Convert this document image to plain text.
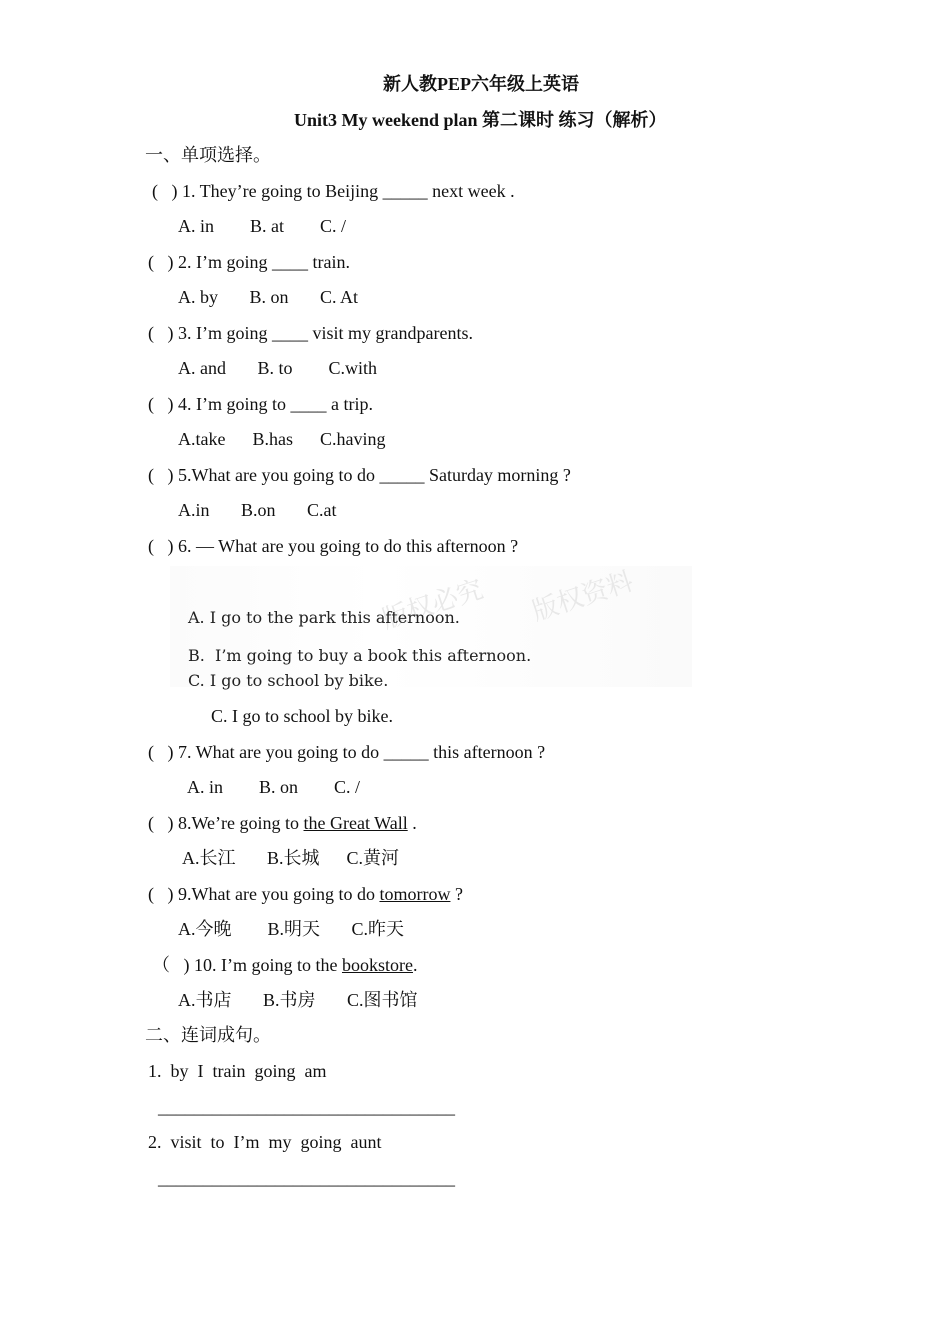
新人教PEP六年级上英语
Unit3 My weekend plan 第二课时 练习（解析）
一、单项选择。
(   ) 1. They’re going to Beijing _____ next week .
A. in        B. at        C. /
(   ) 2. I’m going ____ train.
A. by       B. on       C. At
(   ) 3. I’m going ____ visit my grandparents.
A. and       B. to        C.with
(   ) 4. I’m going to ____ a trip.
A.take      B.has      C.having
(   ) 5.What are you going to do _____ Saturday morning ?
A.in       B.on       C.at
(   ) 6. — What are you going to do this afternoon ?
版权必究 版权资料
A. I go to the park this afternoon.
B.  I’m going to buy a book this afternoon.
C. I go to school by bike.
C. I go to school by bike.
(   ) 7. What are you going to do _____ this afternoon ?
A. in        B. on        C. /
(   ) 8.We’re going to the Great Wall .
A.长江       B.长城      C.黄河
(   ) 9.What are you going to do tomorrow ?
A.今晚        B.明天       C.昨天
（   ) 10. I’m going to the bookstore.
A.书店       B.书房       C.图书馆
二、连词成句。
1.  by  I  train  going  am
_________________________________
2.  visit  to  I’m  my  going  aunt
_________________________________
